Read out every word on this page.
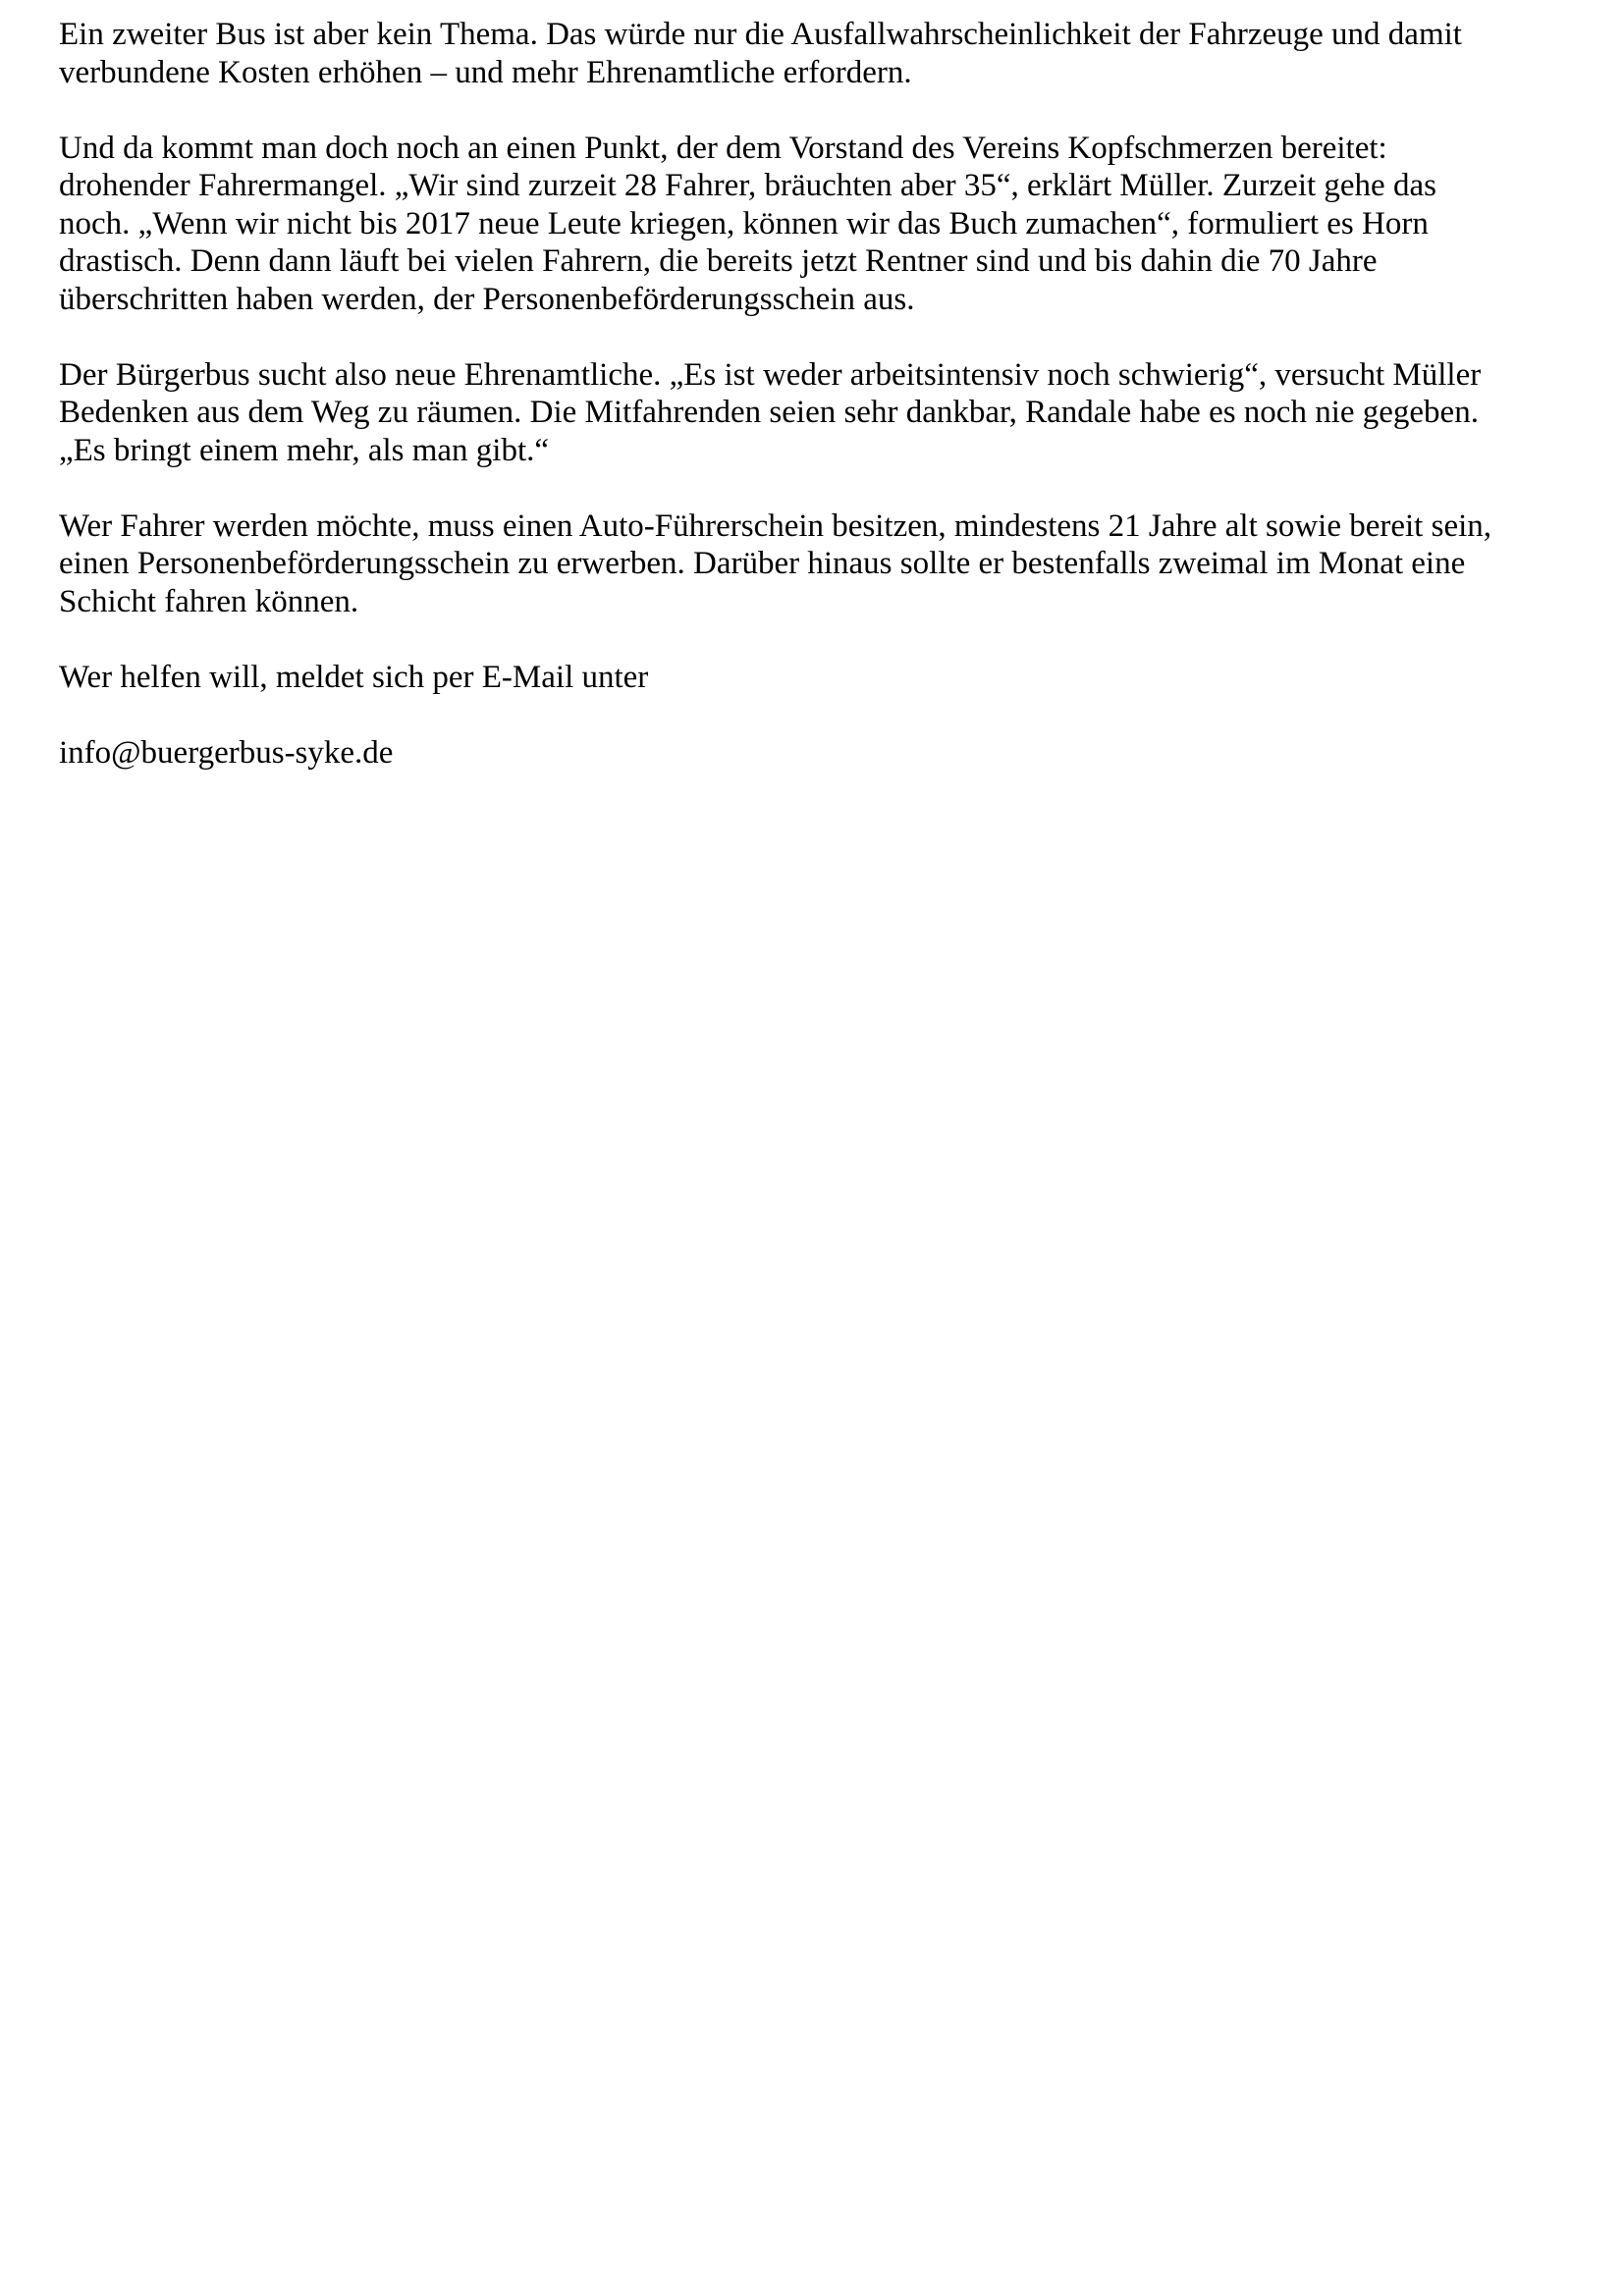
Ein zweiter Bus ist aber kein Thema. Das würde nur die Ausfallwahrscheinlichkeit der Fahrzeuge und damit
verbundene Kosten erhöhen – und mehr Ehrenamtliche erfordern.

Und da kommt man doch noch an einen Punkt, der dem Vorstand des Vereins Kopfschmerzen bereitet:
drohender Fahrermangel. „Wir sind zurzeit 28 Fahrer, bräuchten aber 35“, erklärt Müller. Zurzeit gehe das
noch. „Wenn wir nicht bis 2017 neue Leute kriegen, können wir das Buch zumachen“, formuliert es Horn
drastisch. Denn dann läuft bei vielen Fahrern, die bereits jetzt Rentner sind und bis dahin die 70 Jahre
überschritten haben werden, der Personenbeförderungsschein aus.

Der Bürgerbus sucht also neue Ehrenamtliche. „Es ist weder arbeitsintensiv noch schwierig“, versucht Müller
Bedenken aus dem Weg zu räumen. Die Mitfahrenden seien sehr dankbar, Randale habe es noch nie gegeben.
„Es bringt einem mehr, als man gibt.“

Wer Fahrer werden möchte, muss einen Auto-Führerschein besitzen, mindestens 21 Jahre alt sowie bereit sein,
einen Personenbeförderungsschein zu erwerben. Darüber hinaus sollte er bestenfalls zweimal im Monat eine
Schicht fahren können.

Wer helfen will, meldet sich per E-Mail unter

info@buergerbus-syke.de
